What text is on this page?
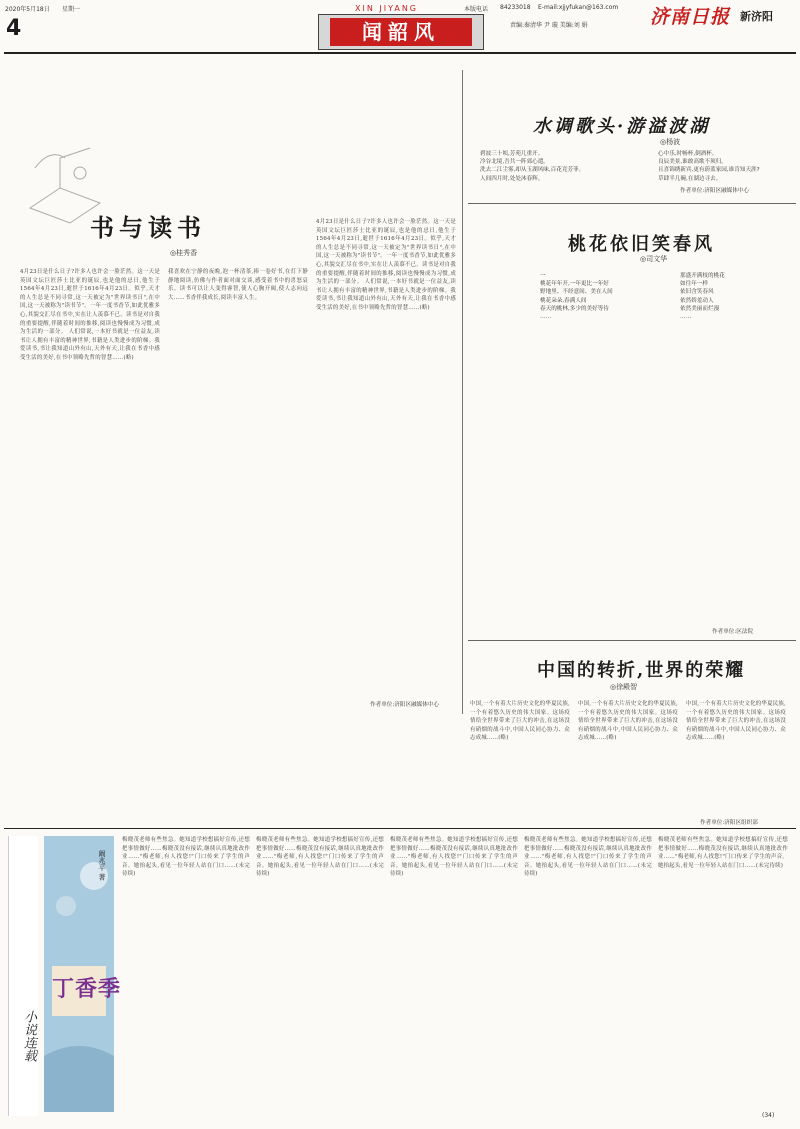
2020年5月18日 星期一	XIN JIYANG	本版电话 84233018 E-mail:xjjyfukan@163.com
责编:秦清华 尹 璇 美编:刘 娟
4	济南日报 新济阳
闻韶风
书与读书
◎桂秀香
4月23日是什么日子?许多人也许会一脸茫然。这一天是英国文坛巨匠莎士比亚的诞辰,也是他的忌日,他生于1564年4月23日,逝世于1616年4月23日。似乎,天才的人生总是不同寻常,这一天被定为"世界读书日",在中国,这一天被称为"读书节"。一年一度书香节,如此优雅多心,其貌交汇尽在书中,实在让人羡慕不已。读书是对自我的重要提醒,伴随着时间的推移,阅读也慢慢成为习惯,成为生活的一部分。 人们常说,一本好书就是一位益友,读书让人拥有丰富的精神世界,书籍是人类进步的阶梯。我爱读书,书让我知道山外有山,天外有天,让我在书香中感受生活的美好,在书中领略先哲的智慧……(略)
我喜欢在宁静的夜晚,泡一杯清茶,捧一卷好书,在灯下静静地阅读,仿佛与作者面对面交谈,感受着书中的喜怒哀乐。读书可以让人变得睿智,使人心胸开阔,使人志向远大……书香伴我成长,阅读丰富人生。
4月23日是什么日子?许多人也许会一脸茫然。这一天是英国文坛巨匠莎士比亚的诞辰,也是他的忌日,他生于1564年4月23日,逝世于1616年4月23日。似乎,天才的人生总是不同寻常,这一天被定为"世界读书日",在中国,这一天被称为"读书节"。一年一度书香节,如此优雅多心,其貌交汇尽在书中,实在让人羡慕不已。读书是对自我的重要提醒,伴随着时间的推移,阅读也慢慢成为习惯,成为生活的一部分。 人们常说,一本好书就是一位益友,读书让人拥有丰富的精神世界,书籍是人类进步的阶梯。我爱读书,书让我知道山外有山,天外有天,让我在书香中感受生活的美好,在书中领略先哲的智慧……(略)
作者单位:济阳区融媒体中心
水调歌头·游溢波湖
◎杨波
碧波三十顷,芳苑几重开。
冷谷北境,吾共一阵郊心遣。
洗去二江尘雾,却从玉湖风味,百花竞芳菲。
人间四月时,处处沐春辉。
心中乐,时畅杯,倒酒杯。
良辰美景,谁敢高歌不须归。
且喜锦绣新宾,更有蔚蓝家园,谁肯知天涯?
草肆半几碗,在湖边寻去。
作者单位:济阳区融媒体中心
桃花依旧笑春风
◎司文华
一
桃花年年开,一年更比一年好
野地里、不经意间、美在人间
桃花朵朵,春满人间
春天的桃林,多少的美好等待
……
那盛开满枝的桃花
如往年一样
依旧含笑春风
依然娇羞动人
依然美丽而烂漫
……
作者单位:区法院
中国的转折,世界的荣耀
◎徐殿智
中国,一个有着大片历史文化的华夏民族,一个有着悠久历史的伟大国家。这场疫情给全世界带来了巨大的冲击,在这场没有硝烟的战斗中,中国人民同心协力、众志成城……(略)
中国,一个有着大片历史文化的华夏民族,一个有着悠久历史的伟大国家。这场疫情给全世界带来了巨大的冲击,在这场没有硝烟的战斗中,中国人民同心协力、众志成城……(略)
中国,一个有着大片历史文化的华夏民族,一个有着悠久历史的伟大国家。这场疫情给全世界带来了巨大的冲击,在这场没有硝烟的战斗中,中国人民同心协力、众志成城……(略)
作者单位:济阳区组织部
小说连载
丁香季
阚兆平 著
梅晓茂老师有些焦急。她知道学校想搞好宣传,还想把事情做好……梅晓茂没有接话,继续认真地批改作业……"梅老师,有人找您!"门口传来了学生的声音。她抬起头,看见一位年轻人站在门口……(未完待续)
梅晓茂老师有些焦急。她知道学校想搞好宣传,还想把事情做好……梅晓茂没有接话,继续认真地批改作业……"梅老师,有人找您!"门口传来了学生的声音。她抬起头,看见一位年轻人站在门口……(未完待续)
梅晓茂老师有些焦急。她知道学校想搞好宣传,还想把事情做好……梅晓茂没有接话,继续认真地批改作业……"梅老师,有人找您!"门口传来了学生的声音。她抬起头,看见一位年轻人站在门口……(未完待续)
梅晓茂老师有些焦急。她知道学校想搞好宣传,还想把事情做好……梅晓茂没有接话,继续认真地批改作业……"梅老师,有人找您!"门口传来了学生的声音。她抬起头,看见一位年轻人站在门口……(未完待续)
梅晓茂老师有些焦急。她知道学校想搞好宣传,还想把事情做好……梅晓茂没有接话,继续认真地批改作业……"梅老师,有人找您!"门口传来了学生的声音。她抬起头,看见一位年轻人站在门口……(未完待续)
(34)
